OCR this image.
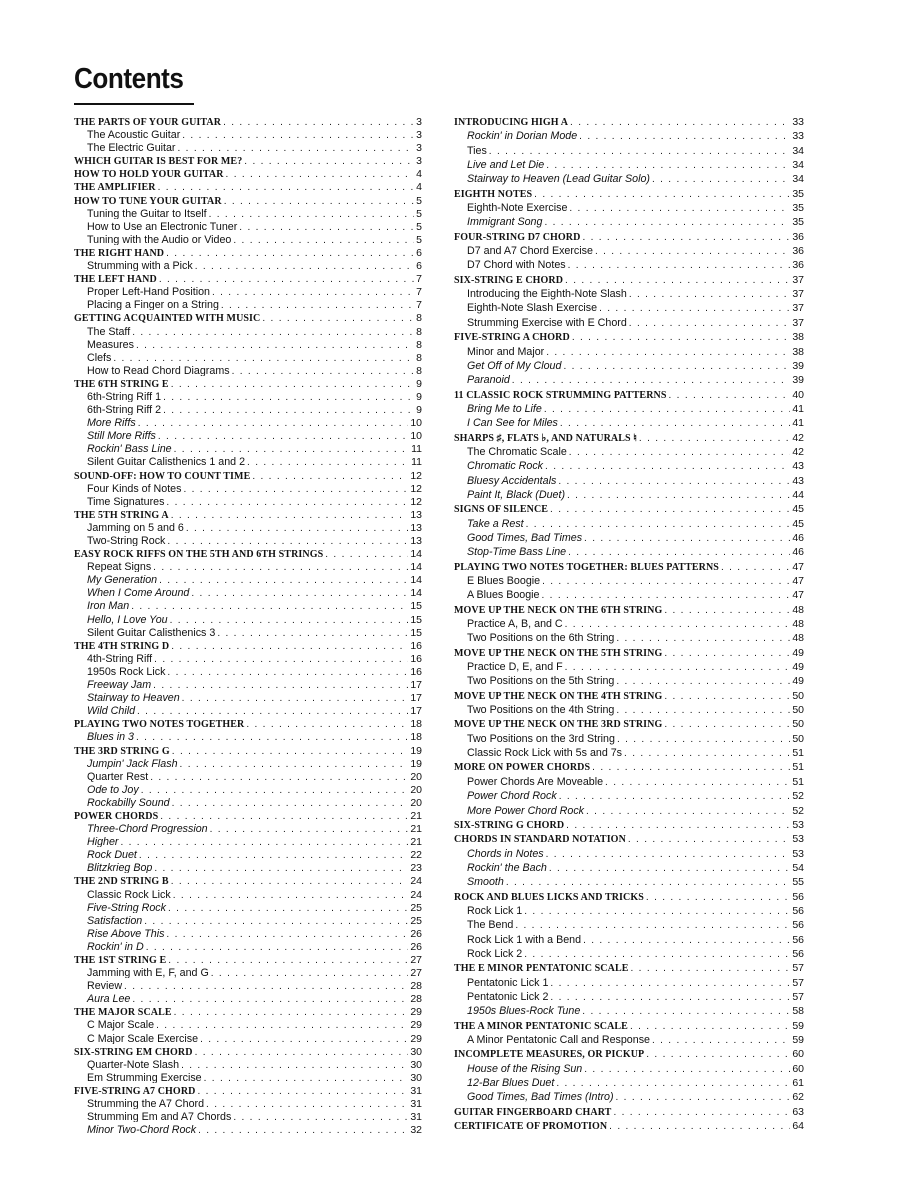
Contents
THE PARTS OF YOUR GUITAR . . .	3
The Acoustic Guitar . . .	3
The Electric Guitar . . .	3
WHICH GUITAR IS BEST FOR ME? . . .	3
HOW TO HOLD YOUR GUITAR . . .	4
THE AMPLIFIER . . .	4
HOW TO TUNE YOUR GUITAR . . .	5
Tuning the Guitar to Itself . . .	5
How to Use an Electronic Tuner . . .	5
Tuning with the Audio or Video . . .	5
THE RIGHT HAND . . .	6
Strumming with a Pick . . .	6
THE LEFT HAND . . .	7
Proper Left-Hand Position . . .	7
Placing a Finger on a String . . .	7
GETTING ACQUAINTED WITH MUSIC . . .	8
The Staff . . .	8
Measures . . .	8
Clefs . . .	8
How to Read Chord Diagrams . . .	8
THE 6TH STRING E . . .	9
6th-String Riff 1 . . .	9
6th-String Riff 2 . . .	9
More Riffs . . .	10
Still More Riffs . . .	10
Rockin' Bass Line . . .	11
Silent Guitar Calisthenics 1 and 2 . . .	11
SOUND-OFF: HOW TO COUNT TIME . . .	12
Four Kinds of Notes . . .	12
Time Signatures . . .	12
THE 5TH STRING A . . .	13
Jamming on 5 and 6 . . .	13
Two-String Rock . . .	13
EASY ROCK RIFFS ON THE 5TH AND 6TH STRINGS . . .	14
Repeat Signs . . .	14
My Generation . . .	14
When I Come Around . . .	14
Iron Man . . .	15
Hello, I Love You . . .	15
Silent Guitar Calisthenics 3 . . .	15
THE 4TH STRING D . . .	16
4th-String Riff . . .	16
1950s Rock Lick . . .	16
Freeway Jam . . .	17
Stairway to Heaven . . .	17
Wild Child . . .	17
PLAYING TWO NOTES TOGETHER . . .	18
Blues in 3 . . .	18
THE 3RD STRING G . . .	19
Jumpin' Jack Flash . . .	19
Quarter Rest . . .	20
Ode to Joy . . .	20
Rockabilly Sound . . .	20
POWER CHORDS . . .	21
Three-Chord Progression . . .	21
Higher . . .	21
Rock Duet . . .	22
Blitzkrieg Bop . . .	23
THE 2ND STRING B . . .	24
Classic Rock Lick . . .	24
Five-String Rock . . .	25
Satisfaction . . .	25
Rise Above This . . .	26
Rockin' in D . . .	26
THE 1ST STRING E . . .	27
Jamming with E, F, and G . . .	27
Review . . .	28
Aura Lee . . .	28
THE MAJOR SCALE . . .	29
C Major Scale . . .	29
C Major Scale Exercise . . .	29
SIX-STRING EM CHORD . . .	30
Quarter-Note Slash . . .	30
Em Strumming Exercise . . .	30
FIVE-STRING A7 CHORD . . .	31
Strumming the A7 Chord . . .	31
Strumming Em and A7 Chords . . .	31
Minor Two-Chord Rock . . .	32
INTRODUCING HIGH A . . .	33
Rockin' in Dorian Mode . . .	33
Ties . . .	34
Live and Let Die . . .	34
Stairway to Heaven (Lead Guitar Solo) . . .	34
EIGHTH NOTES . . .	35
Eighth-Note Exercise . . .	35
Immigrant Song . . .	35
FOUR-STRING D7 CHORD . . .	36
D7 and A7 Chord Exercise . . .	36
D7 Chord with Notes . . .	36
SIX-STRING E CHORD . . .	37
Introducing the Eighth-Note Slash . . .	37
Eighth-Note Slash Exercise . . .	37
Strumming Exercise with E Chord . . .	37
FIVE-STRING A CHORD . . .	38
Minor and Major . . .	38
Get Off of My Cloud . . .	39
Paranoid . . .	39
11 CLASSIC ROCK STRUMMING PATTERNS . . .	40
Bring Me to Life . . .	41
I Can See for Miles . . .	41
SHARPS ♯, FLATS ♭, AND NATURALS ♮ . . .	42
The Chromatic Scale . . .	42
Chromatic Rock . . .	43
Bluesy Accidentals . . .	43
Paint It, Black (Duet) . . .	44
SIGNS OF SILENCE . . .	45
Take a Rest . . .	45
Good Times, Bad Times . . .	46
Stop-Time Bass Line . . .	46
PLAYING TWO NOTES TOGETHER: BLUES PATTERNS . . .	47
E Blues Boogie . . .	47
A Blues Boogie . . .	47
MOVE UP THE NECK ON THE 6TH STRING . . .	48
Practice A, B, and C . . .	48
Two Positions on the 6th String . . .	48
MOVE UP THE NECK ON THE 5TH STRING . . .	49
Practice D, E, and F . . .	49
Two Positions on the 5th String . . .	49
MOVE UP THE NECK ON THE 4TH STRING . . .	50
Two Positions on the 4th String . . .	50
MOVE UP THE NECK ON THE 3RD STRING . . .	50
Two Positions on the 3rd String . . .	50
Classic Rock Lick with 5s and 7s . . .	51
MORE ON POWER CHORDS . . .	51
Power Chords Are Moveable . . .	51
Power Chord Rock . . .	52
More Power Chord Rock . . .	52
SIX-STRING G CHORD . . .	53
CHORDS IN STANDARD NOTATION . . .	53
Chords in Notes . . .	53
Rockin' the Bach . . .	54
Smooth . . .	55
ROCK AND BLUES LICKS AND TRICKS . . .	56
Rock Lick 1 . . .	56
The Bend . . .	56
Rock Lick 1 with a Bend . . .	56
Rock Lick 2 . . .	56
THE E MINOR PENTATONIC SCALE . . .	57
Pentatonic Lick 1 . . .	57
Pentatonic Lick 2 . . .	57
1950s Blues-Rock Tune . . .	58
THE A MINOR PENTATONIC SCALE . . .	59
A Minor Pentatonic Call and Response . . .	59
INCOMPLETE MEASURES, OR PICKUP . . .	60
House of the Rising Sun . . .	60
12-Bar Blues Duet . . .	61
Good Times, Bad Times (Intro) . . .	62
GUITAR FINGERBOARD CHART . . .	63
CERTIFICATE OF PROMOTION . . .	64
